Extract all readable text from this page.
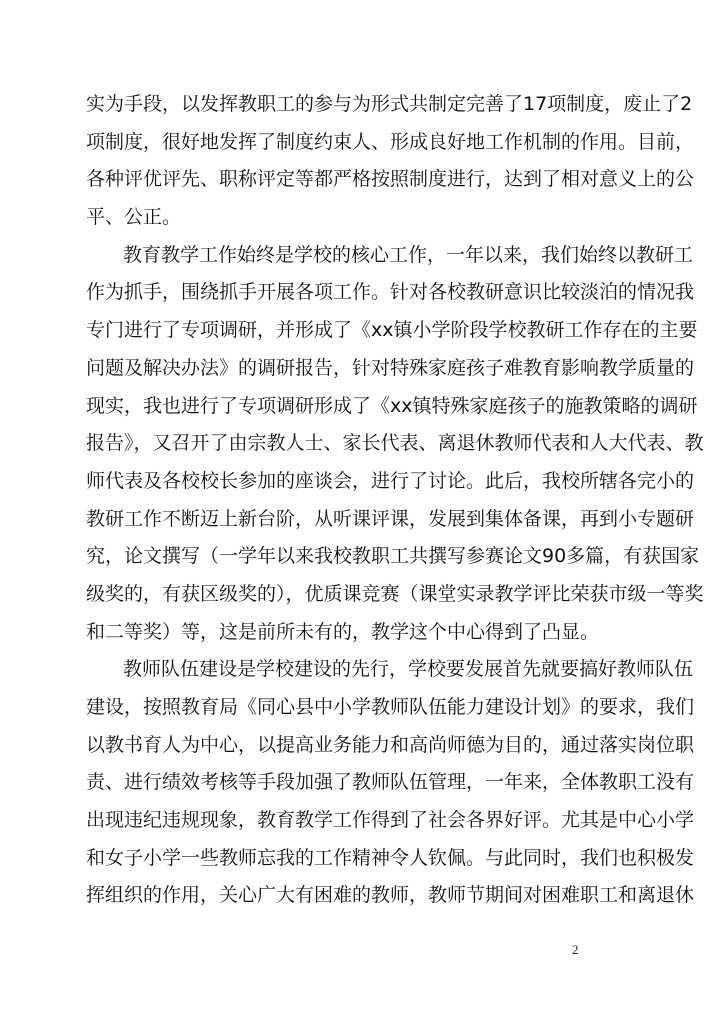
实为手段，以发挥教职工的参与为形式共制定完善了17项制度，废止了2
项制度，很好地发挥了制度约束人、形成良好地工作机制的作用。目前，
各种评优评先、职称评定等都严格按照制度进行，达到了相对意义上的公
平、公正。
教育教学工作始终是学校的核心工作，一年以来，我们始终以教研工
作为抓手，围绕抓手开展各项工作。针对各校教研意识比较淡泊的情况我
专门进行了专项调研，并形成了《xx镇小学阶段学校教研工作存在的主要
问题及解决办法》的调研报告，针对特殊家庭孩子难教育影响教学质量的
现实，我也进行了专项调研形成了《xx镇特殊家庭孩子的施教策略的调研
报告》，又召开了由宗教人士、家长代表、离退休教师代表和人大代表、教
师代表及各校校长参加的座谈会，进行了讨论。此后，我校所辖各完小的
教研工作不断迈上新台阶，从听课评课，发展到集体备课，再到小专题研
究，论文撰写（一学年以来我校教职工共撰写参赛论文90多篇，有获国家
级奖的，有获区级奖的），优质课竞赛（课堂实录教学评比荣获市级一等奖
和二等奖）等，这是前所未有的，教学这个中心得到了凸显。
教师队伍建设是学校建设的先行，学校要发展首先就要搞好教师队伍
建设，按照教育局《同心县中小学教师队伍能力建设计划》的要求，我们
以教书育人为中心，以提高业务能力和高尚师德为目的，通过落实岗位职
责、进行绩效考核等手段加强了教师队伍管理，一年来，全体教职工没有
出现违纪违规现象，教育教学工作得到了社会各界好评。尤其是中心小学
和女子小学一些教师忘我的工作精神令人钦佩。与此同时，我们也积极发
挥组织的作用，关心广大有困难的教师，教师节期间对困难职工和离退休
2
